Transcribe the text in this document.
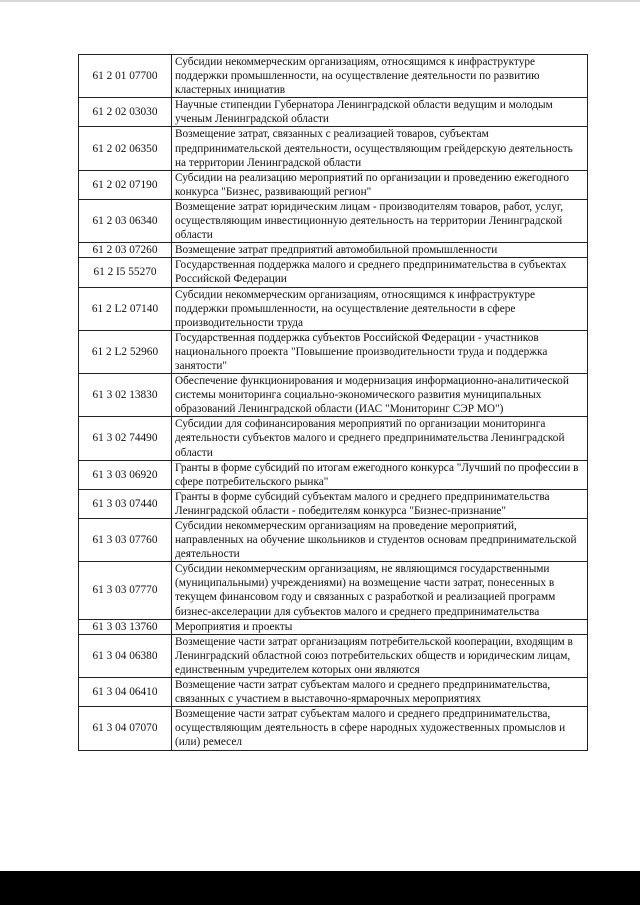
61 2 01 07700	Субсидии некоммерческим организациям, относящимся к инфраструктуре поддержки промышленности, на осуществление деятельности по развитию кластерных инициатив
61 2 02 03030	Научные стипендии Губернатора Ленинградской области ведущим и молодым ученым Ленинградской области
61 2 02 06350	Возмещение затрат, связанных с реализацией товаров, субъектам предпринимательской деятельности, осуществляющим грейдерскую деятельность на территории Ленинградской области
61 2 02 07190	Субсидии на реализацию мероприятий по организации и проведению ежегодного конкурса "Бизнес, развивающий регион"
61 2 03 06340	Возмещение затрат юридическим лицам - производителям товаров, работ, услуг, осуществляющим инвестиционную деятельность на территории Ленинградской области
61 2 03 07260	Возмещение затрат предприятий автомобильной промышленности
61 2 I5 55270	Государственная поддержка малого и среднего предпринимательства в субъектах Российской Федерации
61 2 L2 07140	Субсидии некоммерческим организациям, относящимся к инфраструктуре поддержки промышленности, на осуществление деятельности в сфере производительности труда
61 2 L2 52960	Государственная поддержка субъектов Российской Федерации - участников национального проекта "Повышение производительности труда и поддержка занятости"
61 3 02 13830	Обеспечение функционирования и модернизация информационно-аналитической системы мониторинга социально-экономического развития муниципальных образований Ленинградской области (ИАС "Мониторинг СЭР МО")
61 3 02 74490	Субсидии для софинансирования мероприятий по организации мониторинга деятельности субъектов малого и среднего предпринимательства Ленинградской области
61 3 03 06920	Гранты в форме субсидий по итогам ежегодного конкурса "Лучший по профессии в сфере потребительского рынка"
61 3 03 07440	Гранты в форме субсидий субъектам малого и среднего предпринимательства Ленинградской области - победителям конкурса "Бизнес-признание"
61 3 03 07760	Субсидии некоммерческим организациям на проведение мероприятий, направленных на обучение школьников и студентов основам предпринимательской деятельности
61 3 03 07770	Субсидии некоммерческим организациям, не являющимся государственными (муниципальными) учреждениями) на возмещение части затрат, понесенных в текущем финансовом году и связанных с разработкой и реализацией программ бизнес-акселерации для субъектов малого и среднего предпринимательства
61 3 03 13760	Мероприятия и проекты
61 3 04 06380	Возмещение части затрат организациям потребительской кооперации, входящим в Ленинградский областной союз потребительских обществ и юридическим лицам, единственным учредителем которых они являются
61 3 04 06410	Возмещение части затрат субъектам малого и среднего предпринимательства, связанных с участием в выставочно-ярмарочных мероприятиях
61 3 04 07070	Возмещение части затрат субъектам малого и среднего предпринимательства, осуществляющим деятельность в сфере народных художественных промыслов и (или) ремесел
